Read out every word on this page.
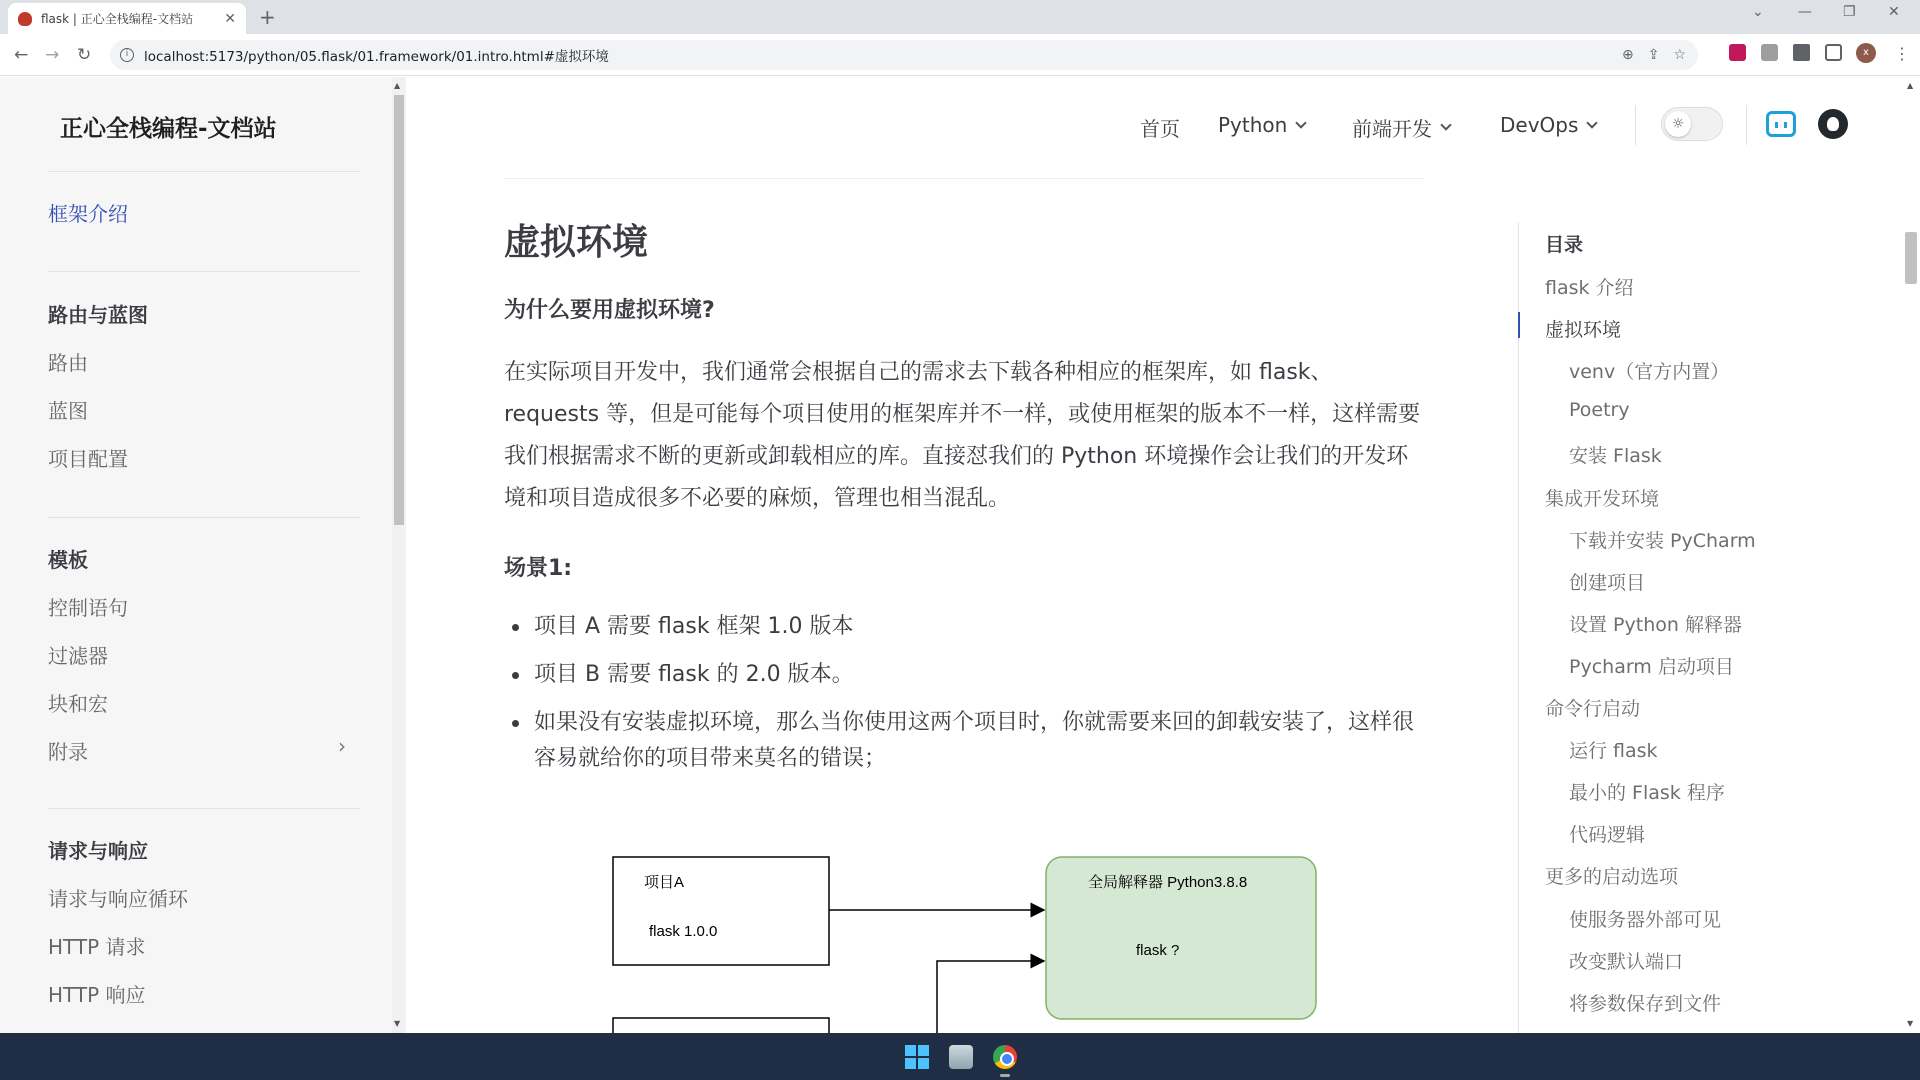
flask | 正心全栈编程-文档站	✕ +	⌄ — ❐ ✕
← → ↻	i	localhost:5173/python/05.flask/01.framework/01.intro.html#虚拟环境	⊕ ⇪ ☆	x	⋮
正心全栈编程-文档站
框架介绍
路由与蓝图
路由
蓝图
项目配置
模板
控制语句
过滤器
块和宏
附录	›
请求与响应
请求与响应循环
HTTP 请求
HTTP 响应
▲
▼
首页 Python	前端开发	DevOps	☼
虚拟环境
为什么要用虚拟环境?

在实际项目开发中，我们通常会根据自己的需求去下载各种相应的框架库，如 flask、requests 等，但是可能每个项目使用的框架库并不一样，或使用框架的版本不一样，这样需要我们根据需求不断的更新或卸载相应的库。直接怼我们的 Python 环境操作会让我们的开发环境和项目造成很多不必要的麻烦，管理也相当混乱。

场景1:
项目 A 需要 flask 框架 1.0 版本
项目 B 需要 flask 的 2.0 版本。
如果没有安装虚拟环境，那么当你使用这两个项目时，你就需要来回的卸载安装了，这样很容易就给你的项目带来莫名的错误；
项目A
flask 1.0.0
全局解释器 Python3.8.8
flask ?
目录
flask 介绍
虚拟环境
venv（官方内置）
Poetry
安装 Flask
集成开发环境
下载并安装 PyCharm
创建项目
设置 Python 解释器
Pycharm 启动项目
命令行启动
运行 flask
最小的 Flask 程序
代码逻辑
更多的启动选项
使服务器外部可见
改变默认端口
将参数保存到文件
▲
▼
